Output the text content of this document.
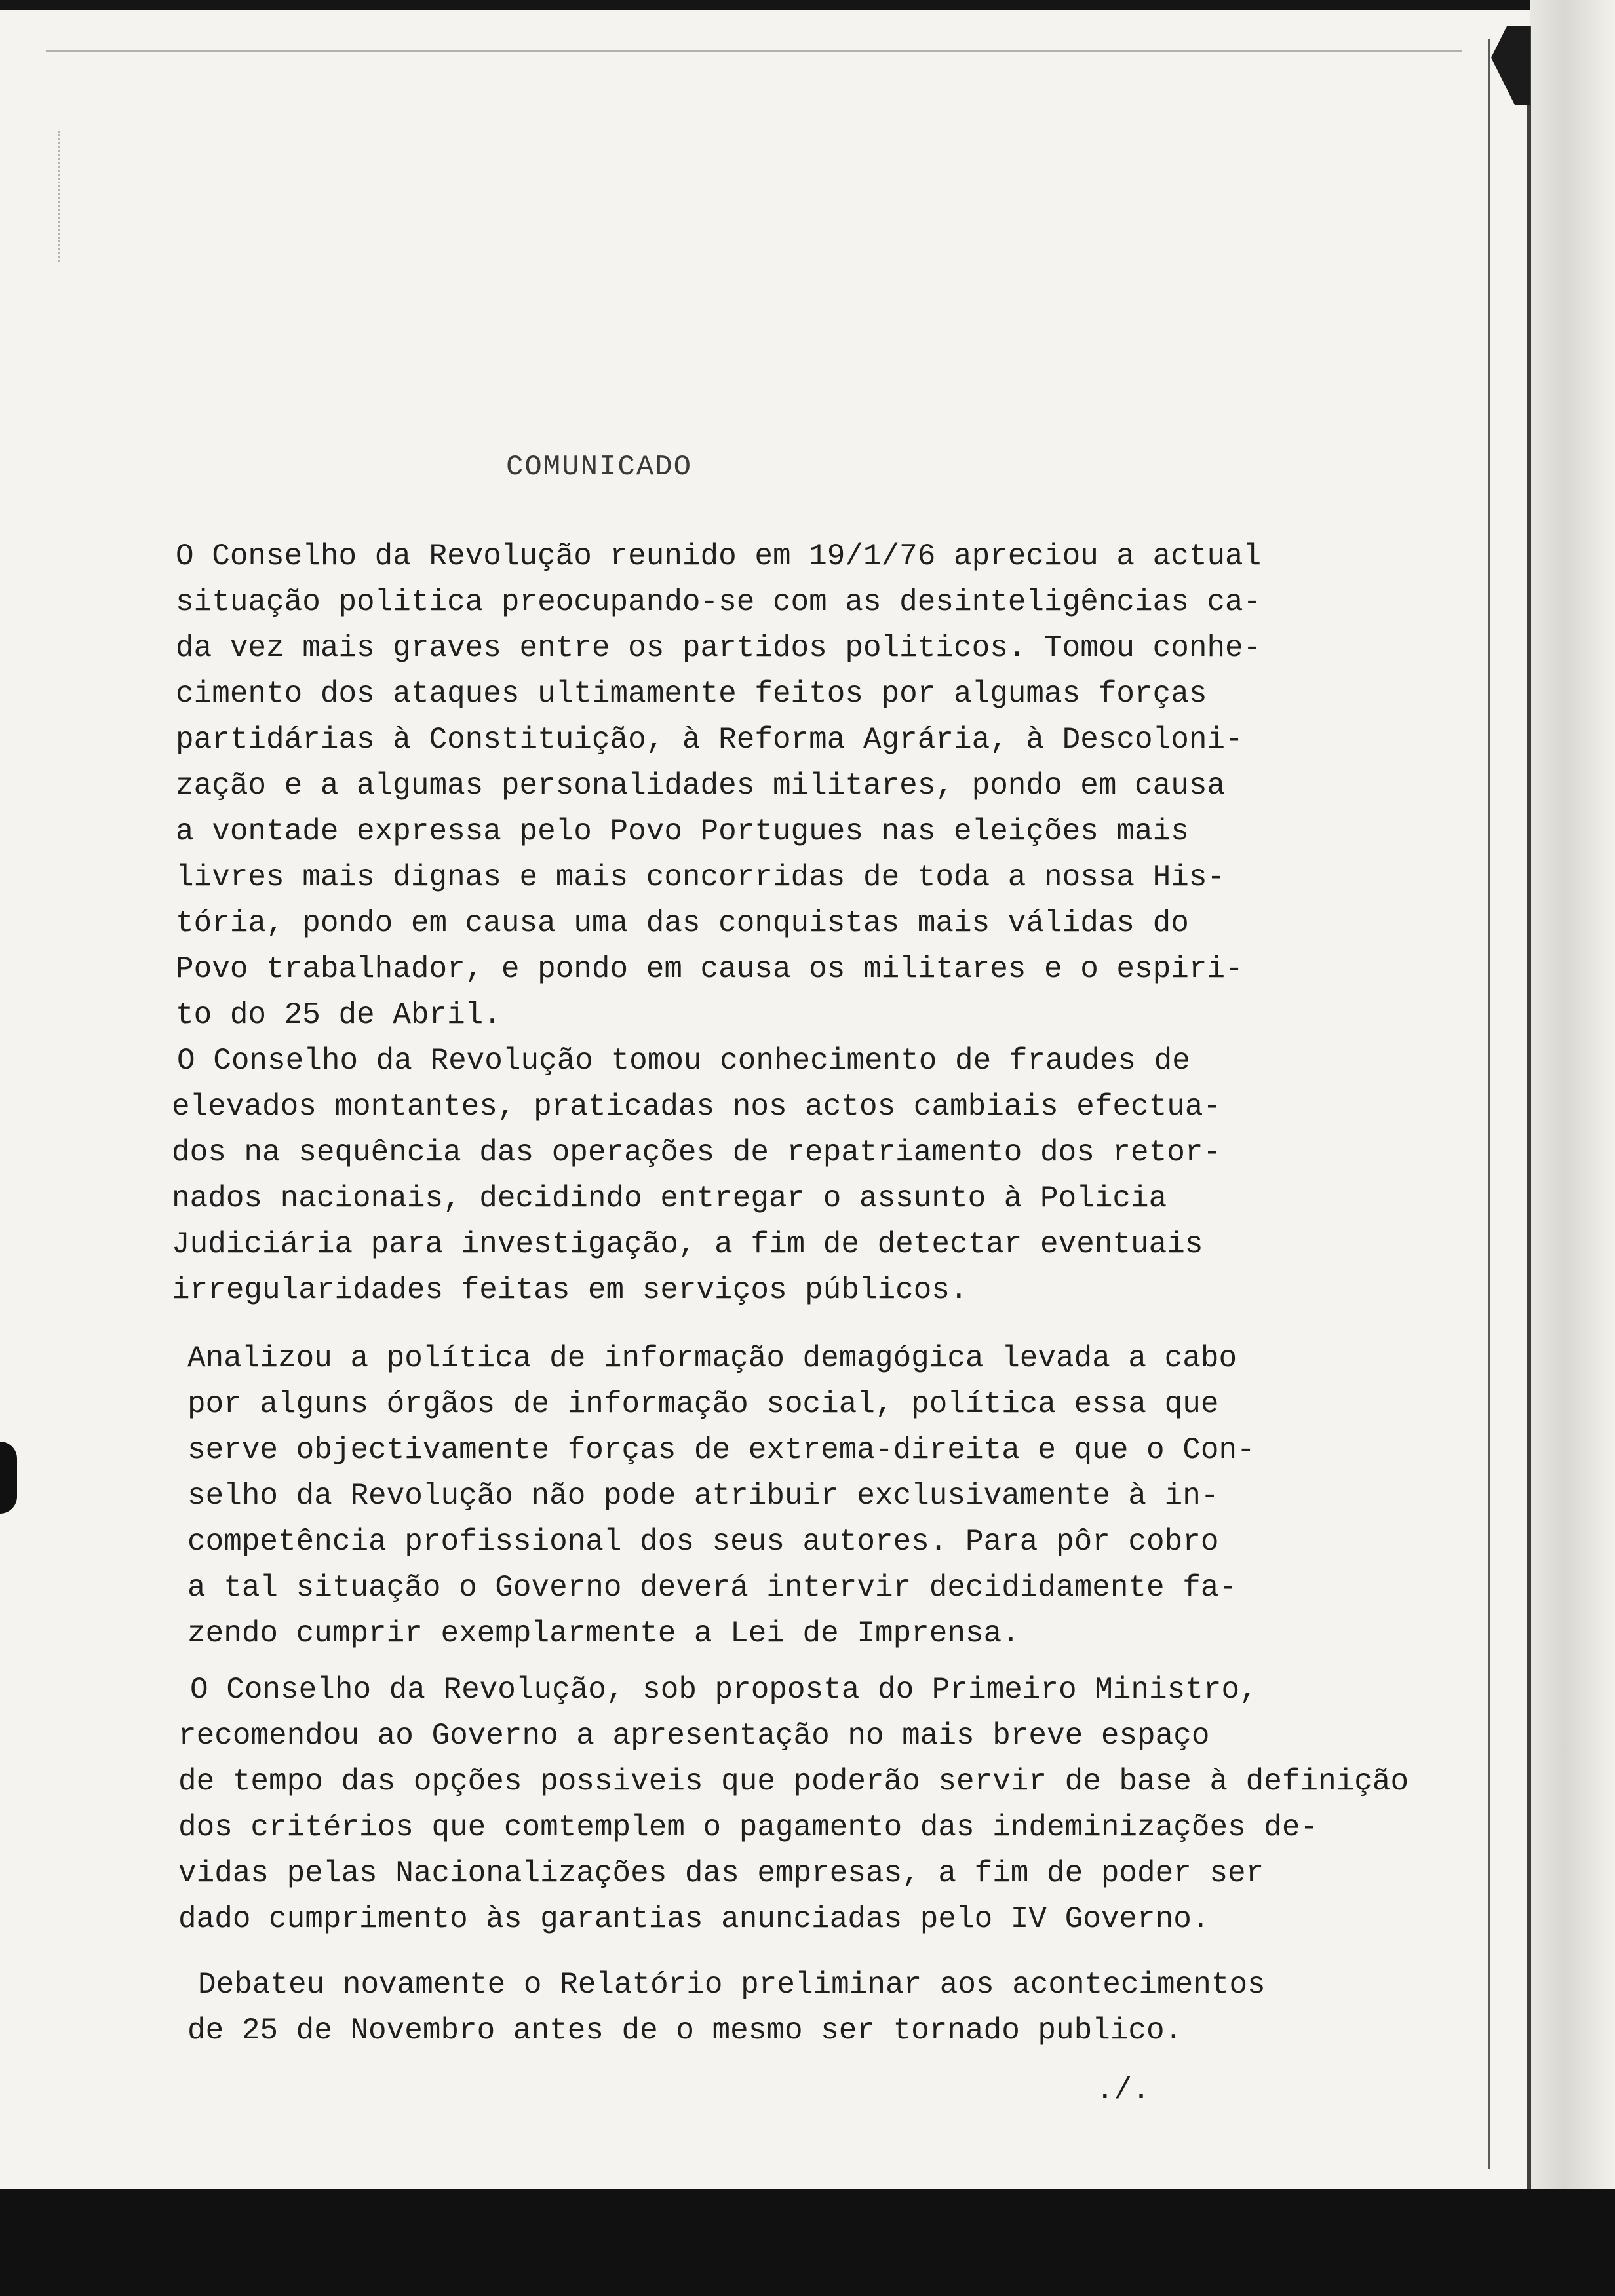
COMUNICADO
O Conselho da Revolução reunido em 19/1/76 apreciou a actual
situação politica preocupando-se com as desinteligências ca-
da vez mais graves entre os partidos politicos. Tomou conhe-
cimento dos ataques ultimamente feitos por algumas forças
partidárias à Constituição, à Reforma Agrária, à Descoloni-
zação e a algumas personalidades militares, pondo em causa
a vontade expressa pelo Povo Portugues nas eleições mais
livres mais dignas e mais concorridas de toda a nossa His-
tória, pondo em causa uma das conquistas mais válidas do
Povo trabalhador, e pondo em causa os militares e o espiri-
to do 25 de Abril.
O Conselho da Revolução tomou conhecimento de fraudes de
elevados montantes, praticadas nos actos cambiais efectua-
dos na sequência das operações de repatriamento dos retor-
nados nacionais, decidindo entregar o assunto à Policia
Judiciária para investigação, a fim de detectar eventuais
irregularidades feitas em serviços públicos.
Analizou a política de informação demagógica levada a cabo
por alguns órgãos de informação social, política essa que
serve objectivamente forças de extrema-direita e que o Con-
selho da Revolução não pode atribuir exclusivamente à in-
competência profissional dos seus autores. Para pôr cobro
a tal situação o Governo deverá intervir decididamente fa-
zendo cumprir exemplarmente a Lei de Imprensa.
O Conselho da Revolução, sob proposta do Primeiro Ministro,
recomendou ao Governo a apresentação no mais breve espaço
de tempo das opções possiveis que poderão servir de base à definição
dos critérios que comtemplem o pagamento das indeminizações de-
vidas pelas Nacionalizações das empresas, a fim de poder ser
dado cumprimento às garantias anunciadas pelo IV Governo.
Debateu novamente o Relatório preliminar aos acontecimentos
de 25 de Novembro antes de o mesmo ser tornado publico.
./.
